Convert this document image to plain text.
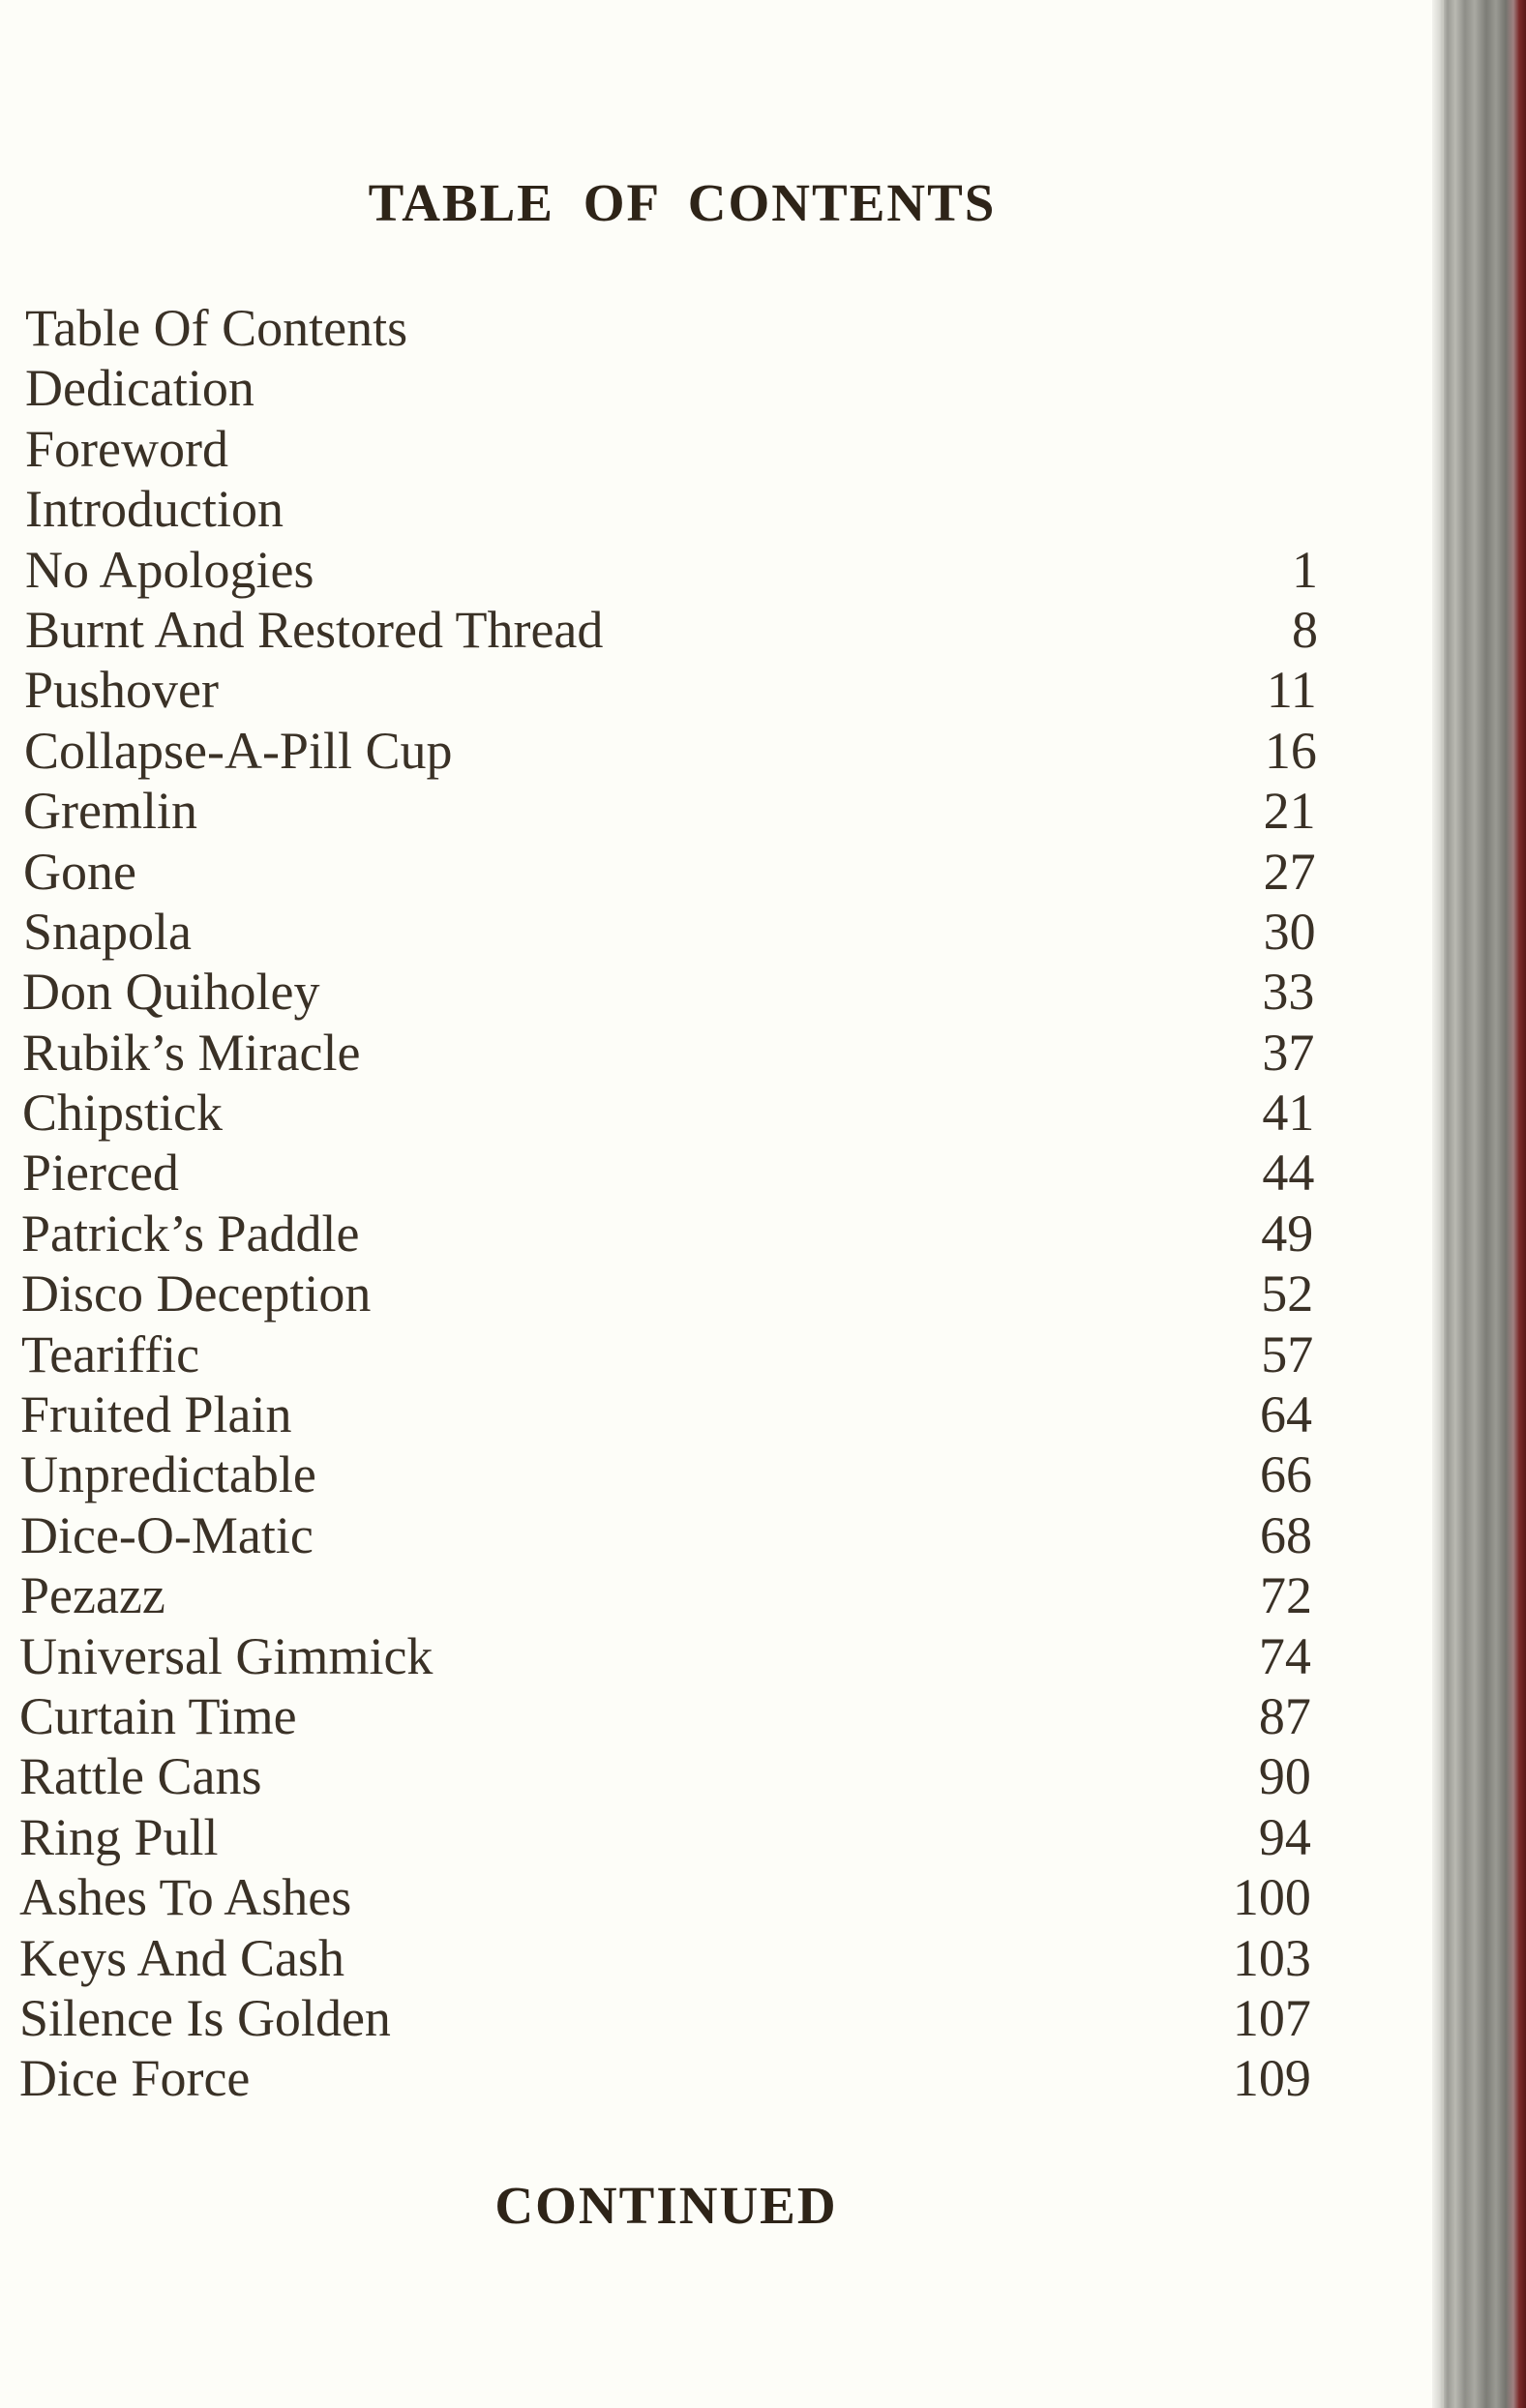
TABLE OF CONTENTS
Table Of Contents
Dedication
Foreword
Introduction
No Apologies	1
Burnt And Restored Thread	8
Pushover	11
Collapse-A-Pill Cup	16
Gremlin	21
Gone	27
Snapola	30
Don Quiholey	33
Rubik’s Miracle	37
Chipstick	41
Pierced	44
Patrick’s Paddle	49
Disco Deception	52
Teariffic	57
Fruited Plain	64
Unpredictable	66
Dice-O-Matic	68
Pezazz	72
Universal Gimmick	74
Curtain Time	87
Rattle Cans	90
Ring Pull	94
Ashes To Ashes	100
Keys And Cash	103
Silence Is Golden	107
Dice Force	109
CONTINUED
